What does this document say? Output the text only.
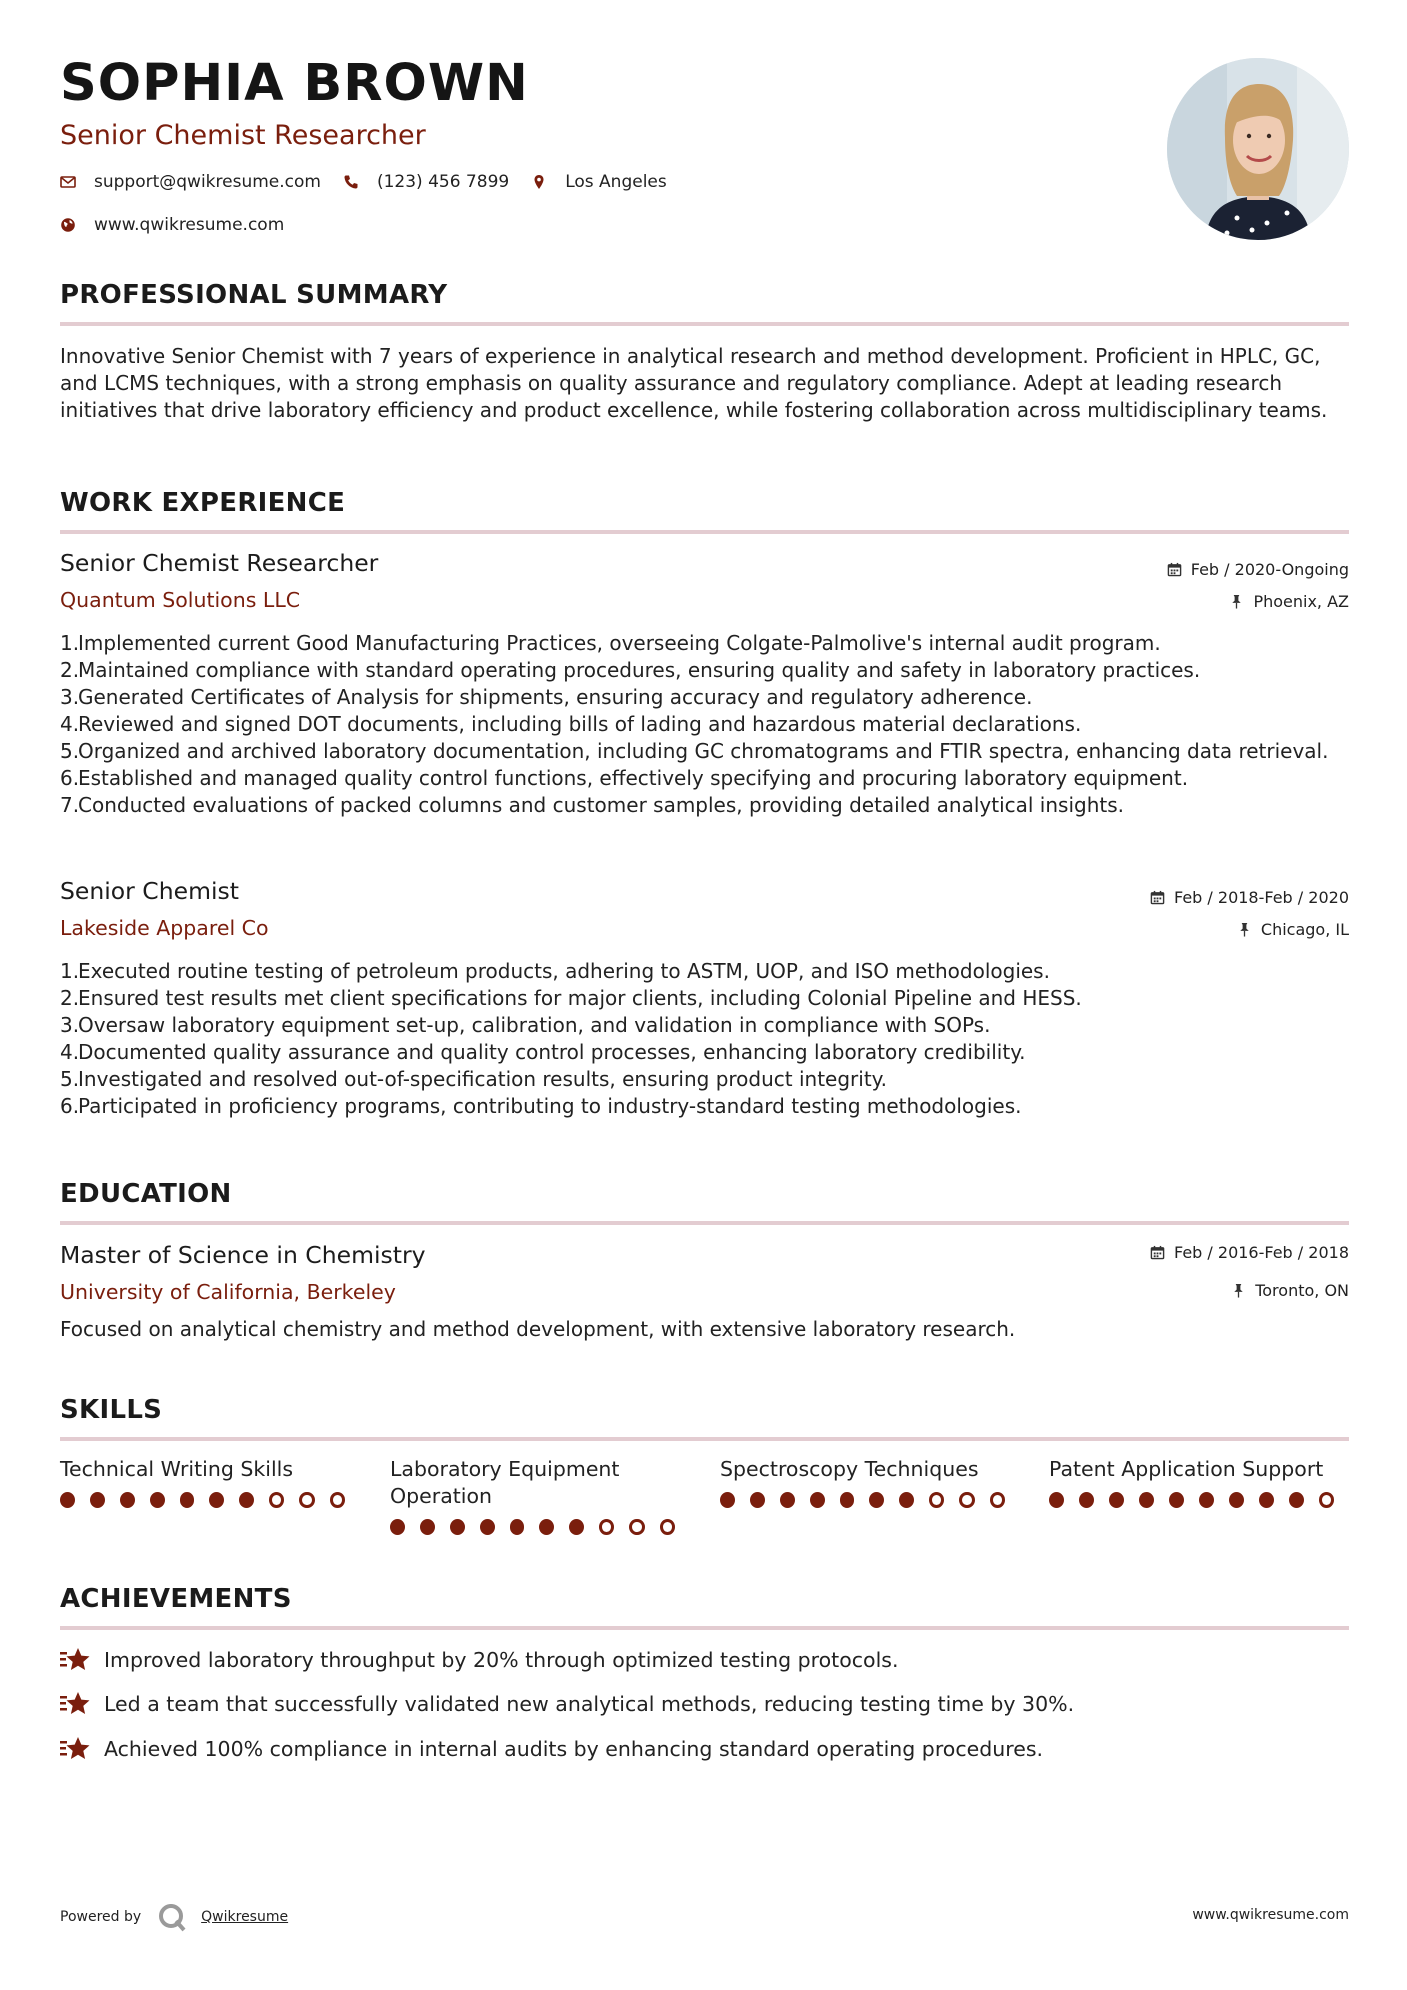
SOPHIA BROWN
Senior Chemist Researcher
support@qwikresume.com	(123) 456 7899	Los Angeles
www.qwikresume.com
PROFESSIONAL SUMMARY
Innovative Senior Chemist with 7 years of experience in analytical research and method development. Proficient in HPLC, GC, and LCMS techniques, with a strong emphasis on quality assurance and regulatory compliance. Adept at leading research initiatives that drive laboratory efficiency and product excellence, while fostering collaboration across multidisciplinary teams.
WORK EXPERIENCE
Senior Chemist Researcher
Quantum Solutions LLC
Feb / 2020-Ongoing
Phoenix, AZ
1.
Implemented current Good Manufacturing Practices, overseeing Colgate-Palmolive's internal audit program.
2.
Maintained compliance with standard operating procedures, ensuring quality and safety in laboratory practices.
3.
Generated Certificates of Analysis for shipments, ensuring accuracy and regulatory adherence.
4.
Reviewed and signed DOT documents, including bills of lading and hazardous material declarations.
5.
Organized and archived laboratory documentation, including GC chromatograms and FTIR spectra, enhancing data retrieval.
6.
Established and managed quality control functions, effectively specifying and procuring laboratory equipment.
7.
Conducted evaluations of packed columns and customer samples, providing detailed analytical insights.
Senior Chemist
Lakeside Apparel Co
Feb / 2018-Feb / 2020
Chicago, IL
1.
Executed routine testing of petroleum products, adhering to ASTM, UOP, and ISO methodologies.
2.
Ensured test results met client specifications for major clients, including Colonial Pipeline and HESS.
3.
Oversaw laboratory equipment set-up, calibration, and validation in compliance with SOPs.
4.
Documented quality assurance and quality control processes, enhancing laboratory credibility.
5.
Investigated and resolved out-of-specification results, ensuring product integrity.
6.
Participated in proficiency programs, contributing to industry-standard testing methodologies.
EDUCATION
Master of Science in Chemistry
University of California, Berkeley
Feb / 2016-Feb / 2018
Toronto, ON
Focused on analytical chemistry and method development, with extensive laboratory research.
SKILLS
Technical Writing Skills	Laboratory Equipment Operation
Spectroscopy Techniques	Patent Application Support
ACHIEVEMENTS
Improved laboratory throughput by 20% through optimized testing protocols.
Led a team that successfully validated new analytical methods, reducing testing time by 30%.
Achieved 100% compliance in internal audits by enhancing standard operating procedures.
Powered by	Qwikresume	www.qwikresume.com
